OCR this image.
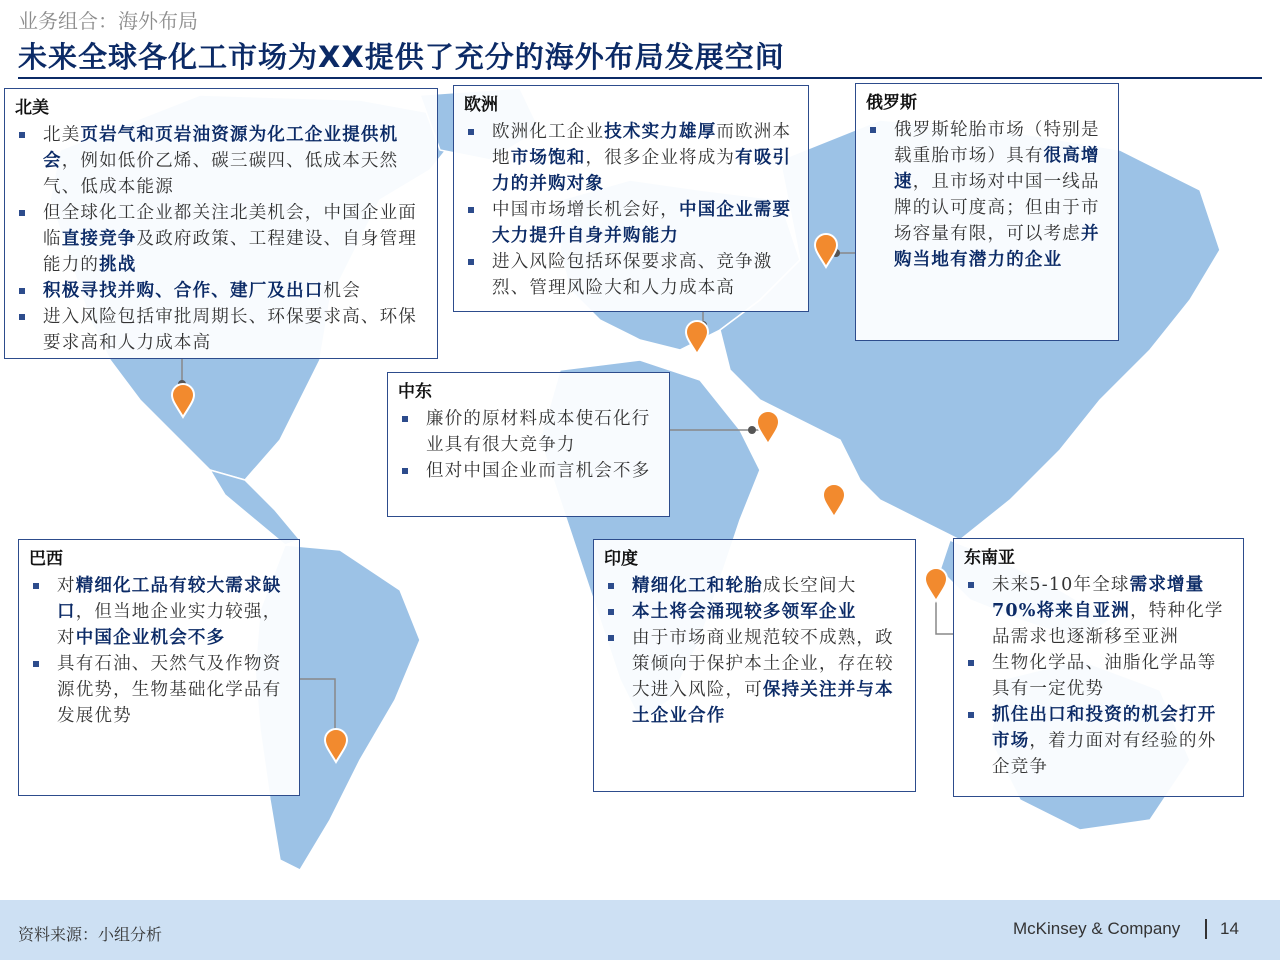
业务组合：海外布局

未来全球各化工市场为XX提供了充分的海外布局发展空间

北美

北美页岩气和页岩油资源为化工企业提供机会，例如低价乙烯、碳三碳四、低成本天然气、低成本能源
但全球化工企业都关注北美机会，中国企业面临直接竞争及政府政策、工程建设、自身管理能力的挑战
积极寻找并购、合作、建厂及出口机会
进入风险包括审批周期长、环保要求高、环保要求高和人力成本高

欧洲

欧洲化工企业技术实力雄厚而欧洲本地市场饱和，很多企业将成为有吸引力的并购对象
中国市场增长机会好，中国企业需要大力提升自身并购能力
进入风险包括环保要求高、竞争激烈、管理风险大和人力成本高

俄罗斯

俄罗斯轮胎市场（特别是载重胎市场）具有很高增速，且市场对中国一线品牌的认可度高；但由于市场容量有限，可以考虑并购当地有潜力的企业

中东

廉价的原材料成本使石化行业具有很大竞争力
但对中国企业而言机会不多

巴西

对精细化工品有较大需求缺口，但当地企业实力较强，对中国企业机会不多
具有石油、天然气及作物资源优势，生物基础化学品有发展优势

印度

精细化工和轮胎成长空间大
本土将会涌现较多领军企业
由于市场商业规范较不成熟，政策倾向于保护本土企业，存在较大进入风险，可保持关注并与本土企业合作

东南亚

未来5-10年全球需求增量70%将来自亚洲，特种化学品需求也逐渐移至亚洲
生物化学品、油脂化学品等具有一定优势
抓住出口和投资的机会打开市场，着力面对有经验的外企竞争

资料来源：小组分析	McKinsey & Company 14
